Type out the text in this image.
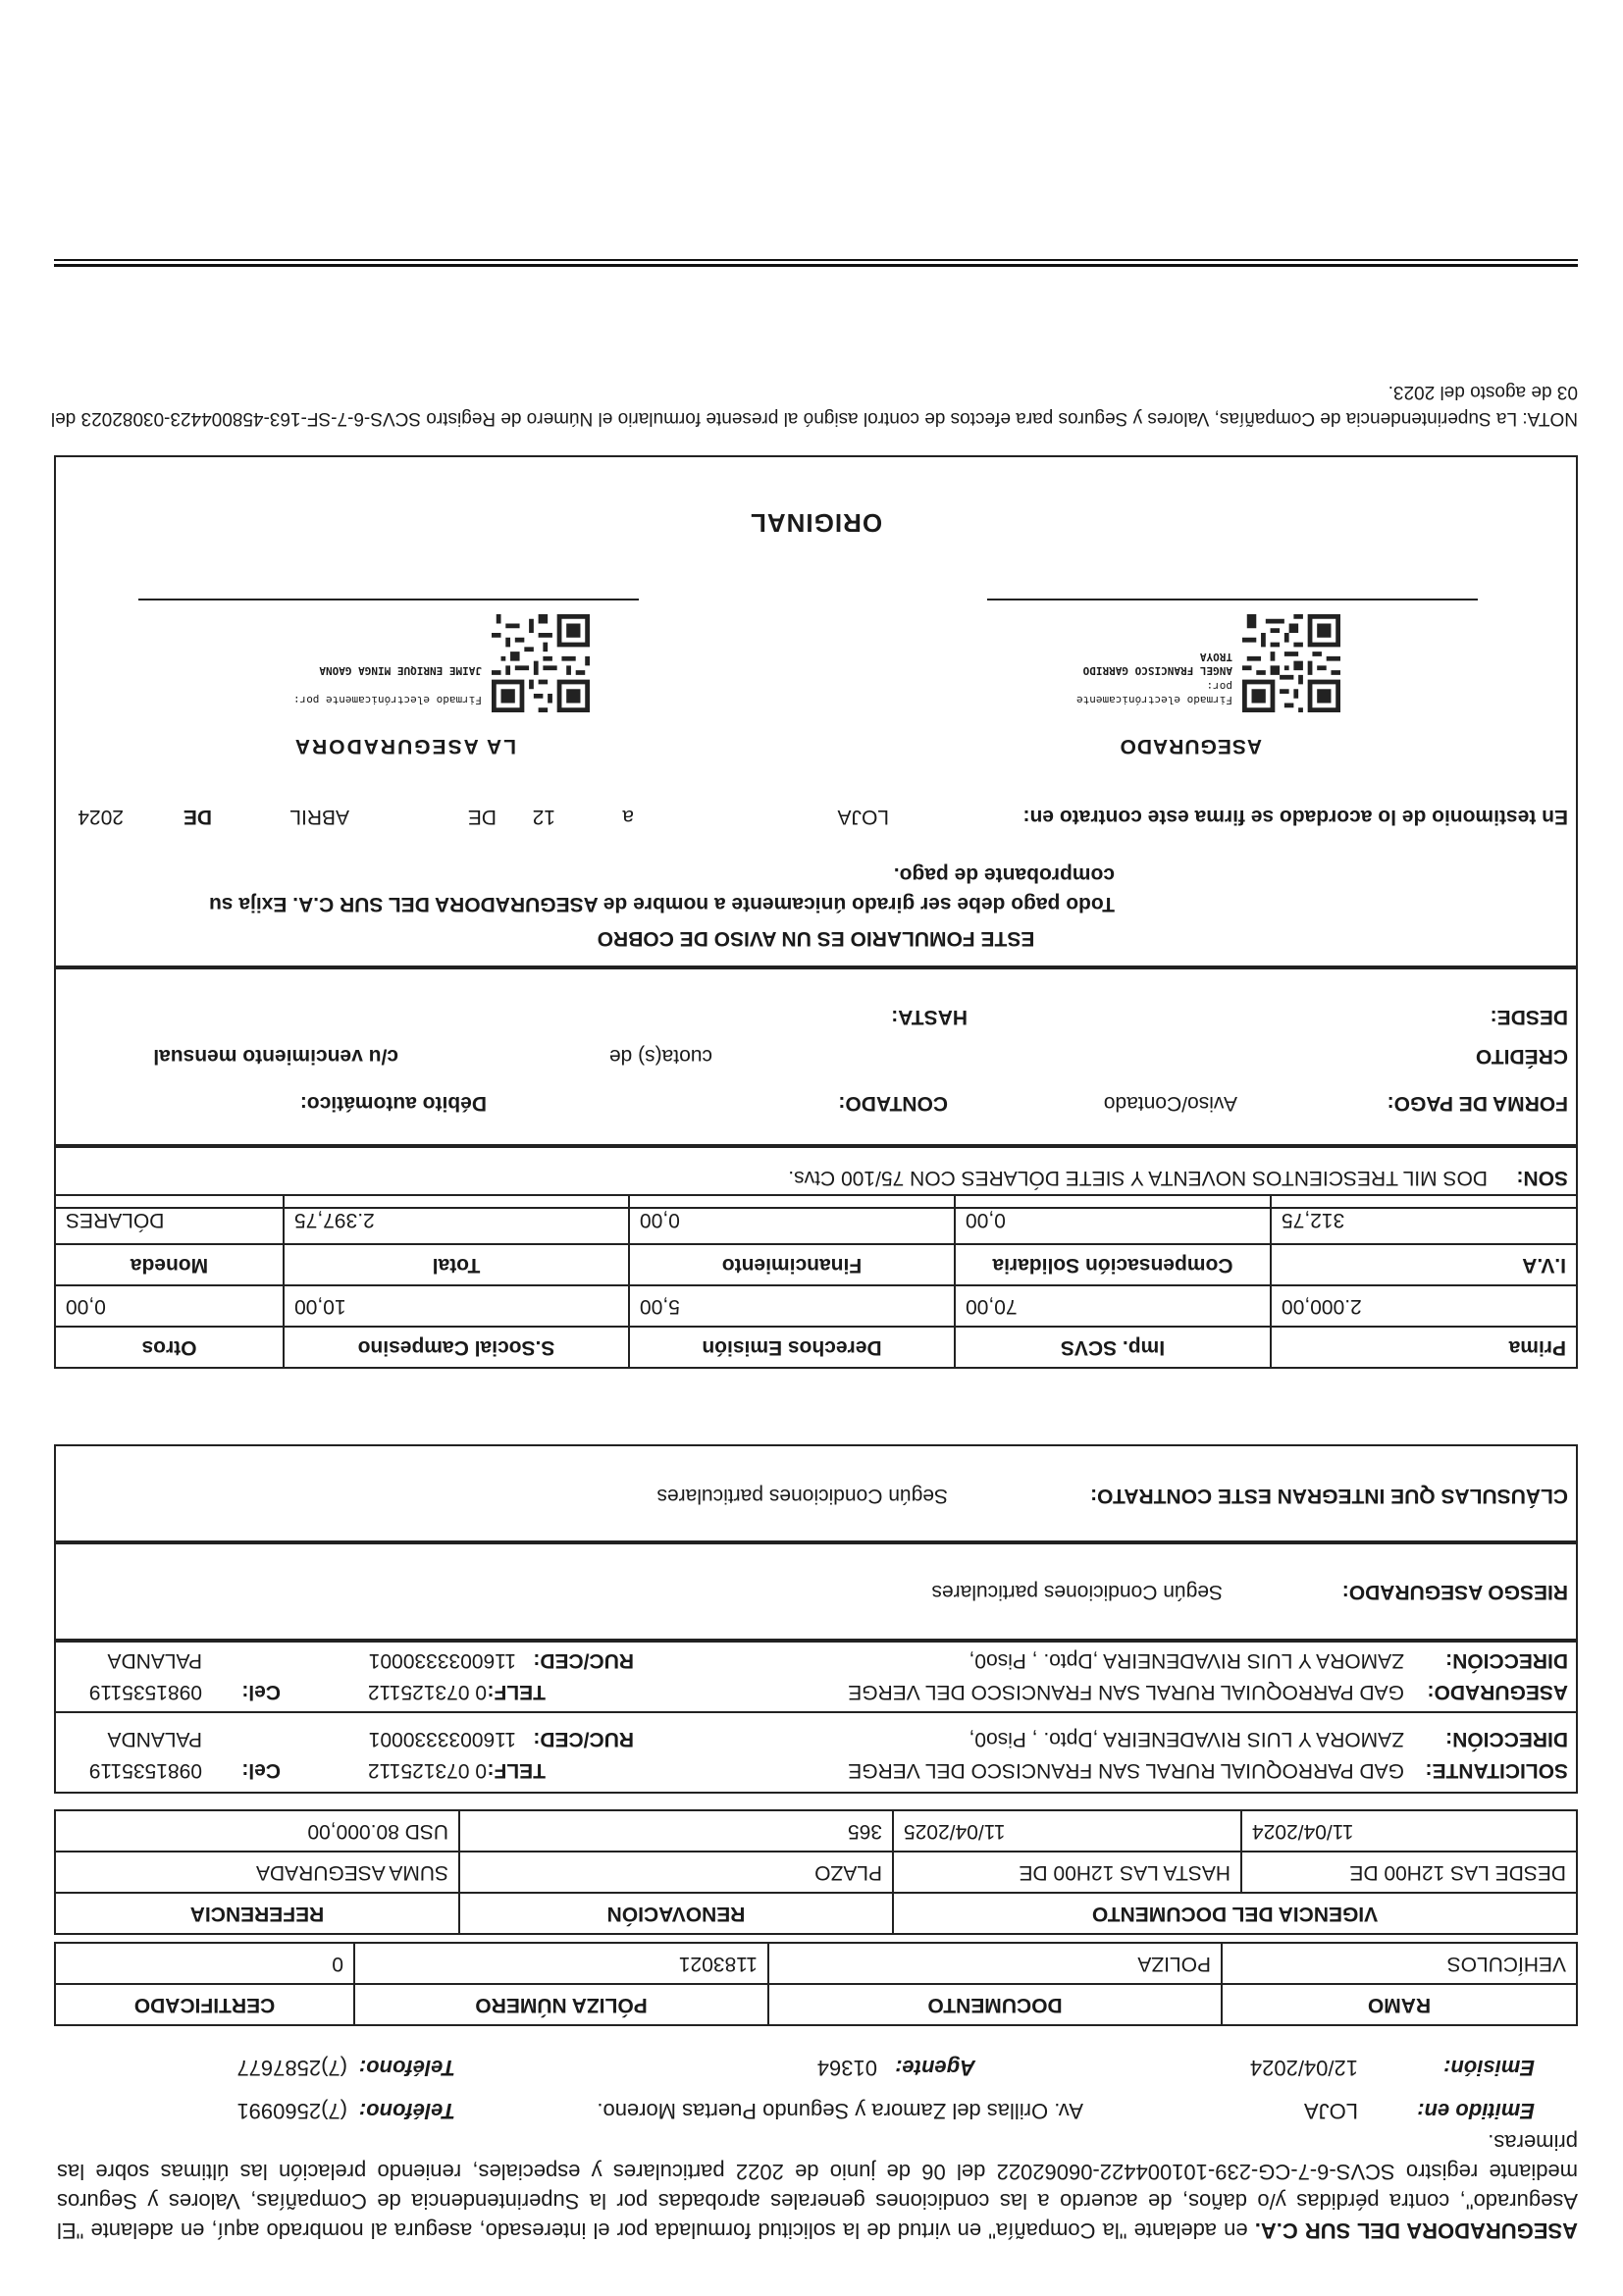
ASEGURADORA DEL SUR C.A. en adelante "la Compañía" en virtud de la solicitud formulada por el interesado, asegura al nombrado aquí, en adelante "El Asegurado", contra pérdidas y/o daños, de acuerdo a las condiciones generales aprobadas por la Superintendencia de Compañías, Valores y Seguros mediante registro SCVS-6-7-CG-239-101004422-06062022 del 06 de junio de 2022 particulares y especiales, reniendo prelación las últimas sobre las primeras.
Emitido en:
LOJA
Av. Orillas del Zamora y Segundo Puertas Moreno.
Teléfono:
(7)2560991
Emisión:
12/04/2024
Agente:
01364
Teléfono:
(7)2587677
RAMO	DOCUMENTO	PÓLIZA NÚMERO	CERTIFICADO
VEHÍCULOS	POLIZA	1183021	0
VIGENCIA DEL DOCUMENTO		RENOVACIÓN	REFERENCIA
DESDE LAS 12H00 DE	HASTA LAS 12H00 DE	PLAZO	SUMA ASEGURADA
11/04/2024	11/04/2025	365	USD 80.000,00
SOLICITANTE:
GAD PARROQUIAL RURAL SAN FRANCISCO DEL VERGE
TELF:
0 073125112
Cel:
0981535119
DIRECCIÓN:
ZAMORA Y LUIS RIVADENEIRA ,Dpto. , Piso0,
RUC/CED:
1160033330001
PALANDA
ASEGURADO:
GAD PARROQUIAL RURAL SAN FRANCISCO DEL VERGE
TELF:
0 073125112
Cel:
0981535119
DIRECCIÓN:
ZAMORA Y LUIS RIVADENEIRA ,Dpto. , Piso0,
RUC/CED:
1160033330001
PALANDA
RIESGO ASEGURADO:
Según Condiciones particulares
CLÁUSULAS QUE INTEGRAN ESTE CONTRATO:
Según Condiciones particulares
Prima	Imp. SCVS	Derechos Emisión	S.Social Campesino	Otros
2.000,00	70,00	5,00	10,00	0,00
I.V.A	Compensación Solidaria	Financimiento	Total	Moneda
312,75	0,00	0,00	2.397,75	DÓLARES
SON:
DOS MIL TRESCIENTOS NOVENTA Y SIETE DÓLARES CON 75/100 Ctvs.
FORMA DE PAGO:
Aviso/Contado
CONTADO:
Débito automático:
CRÉDITO
cuota(s) de
c/u vencimiento mensual
DESDE:
HASTA:
ESTE FOMULARIO ES UN AVISO DE COBRO
Todo pago debe ser girado únicamente a nombre de ASEGURADORA DEL SUR C.A. Exija su comprobante de pago.
En testimonio de lo acordado se firma este contrato en:
LOJA
a
12
DE
ABRIL
DE
2024
ASEGURADO
LA ASEGURADORA
Firmado electrónicamente por:
ANGEL FRANCISCO GARRIDO TROYA
Firmado electrónicamente por:
JAIME ENRIQUE MINGA GAONA
ORIGINAL
NOTA: La Superintendencia de Compañías, Valores y Seguros para efectos de control asignó al presente formulario el Número de Registro SCVS-6-7-SF-163-458004423-03082023 del 03 de agosto del 2023.
